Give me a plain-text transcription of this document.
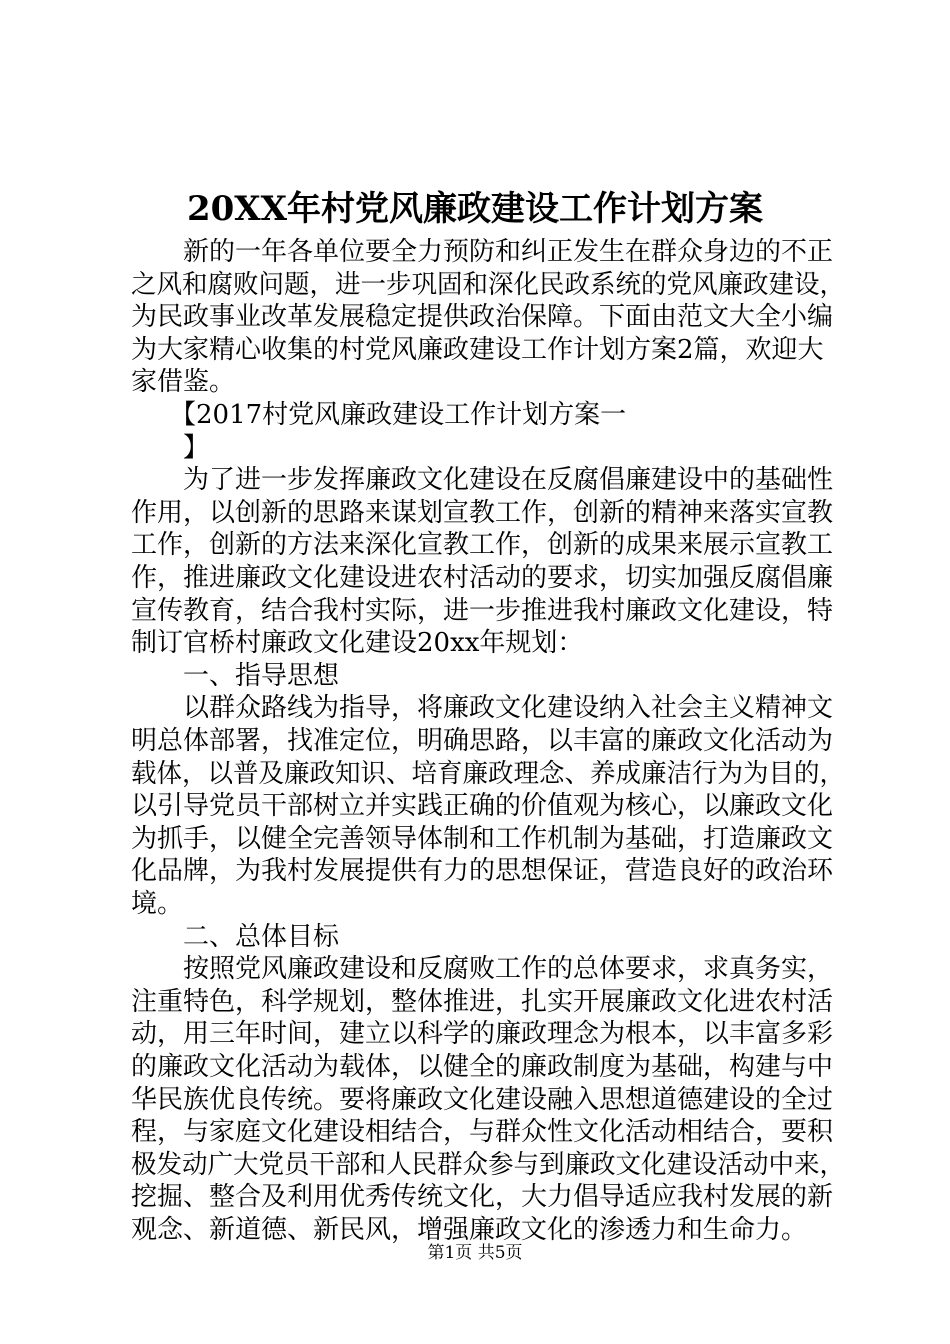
20XX年村党风廉政建设工作计划方案
　　新的一年各单位要全力预防和纠正发生在群众身边的不正
之风和腐败问题，进一步巩固和深化民政系统的党风廉政建设，
为民政事业改革发展稳定提供政治保障。下面由范文大全小编
为大家精心收集的村党风廉政建设工作计划方案2篇，欢迎大
家借鉴。
　　【2017村党风廉政建设工作计划方案一
　　】
　　为了进一步发挥廉政文化建设在反腐倡廉建设中的基础性
作用，以创新的思路来谋划宣教工作，创新的精神来落实宣教
工作，创新的方法来深化宣教工作，创新的成果来展示宣教工
作，推进廉政文化建设进农村活动的要求，切实加强反腐倡廉
宣传教育，结合我村实际，进一步推进我村廉政文化建设，特
制订官桥村廉政文化建设20xx年规划：
　　一、指导思想
　　以群众路线为指导，将廉政文化建设纳入社会主义精神文
明总体部署，找准定位，明确思路，以丰富的廉政文化活动为
载体，以普及廉政知识、培育廉政理念、养成廉洁行为为目的，
以引导党员干部树立并实践正确的价值观为核心，以廉政文化
为抓手，以健全完善领导体制和工作机制为基础，打造廉政文
化品牌，为我村发展提供有力的思想保证，营造良好的政治环
境。
　　二、总体目标
　　按照党风廉政建设和反腐败工作的总体要求，求真务实，
注重特色，科学规划，整体推进，扎实开展廉政文化进农村活
动，用三年时间，建立以科学的廉政理念为根本，以丰富多彩
的廉政文化活动为载体，以健全的廉政制度为基础，构建与中
华民族优良传统。要将廉政文化建设融入思想道德建设的全过
程，与家庭文化建设相结合，与群众性文化活动相结合，要积
极发动广大党员干部和人民群众参与到廉政文化建设活动中来，
挖掘、整合及利用优秀传统文化，大力倡导适应我村发展的新
观念、新道德、新民风，增强廉政文化的渗透力和生命力。
第1页 共5页
